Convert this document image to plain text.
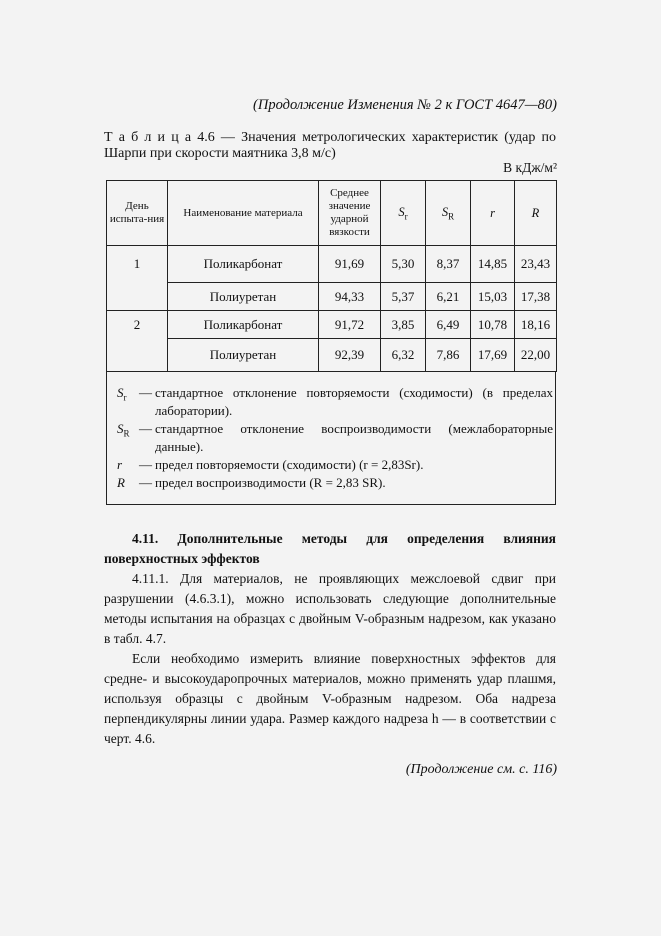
(Продолжение Изменения № 2 к ГОСТ 4647—80)
Т а б л и ц а 4.6 — Значения метрологических характеристик (удар по Шарпи при скорости маятника 3,8 м/с)
В кДж/м²
День испыта-ния	Наименование материала	Среднее значение ударной вязкости	$S_r$	$S_R$	r	R
1	Поликарбонат	91,69	5,30	8,37	14,85	23,43
	Полиуретан	94,33	5,37	6,21	15,03	17,38
2	Поликарбонат	91,72	3,85	6,49	10,78	18,16
	Полиуретан	92,39	6,32	7,86	17,69	22,00
$S_r$ — стандартное отклонение повторяемости (сходимости) (в пределах лаборатории).
$S_R$ — стандартное отклонение воспроизводимости (межлабораторные данные).
r	— предел повторяемости (сходимости) (r = 2,83Sr).
R	— предел воспроизводимости (R = 2,83 SR).
4.11. Дополнительные методы для определения влияния поверхностных эффектов
4.11.1. Для материалов, не проявляющих межслоевой сдвиг при разрушении (4.6.3.1), можно использовать следующие дополнительные методы испытания на образцах с двойным V-образным надрезом, как указано в табл. 4.7.
Если необходимо измерить влияние поверхностных эффектов для средне- и высокоударопрочных материалов, можно применять удар плашмя, используя образцы с двойным V-образным надрезом. Оба надреза перпендикулярны линии удара. Размер каждого надреза h — в соответствии с черт. 4.6.
(Продолжение см. с. 116)
